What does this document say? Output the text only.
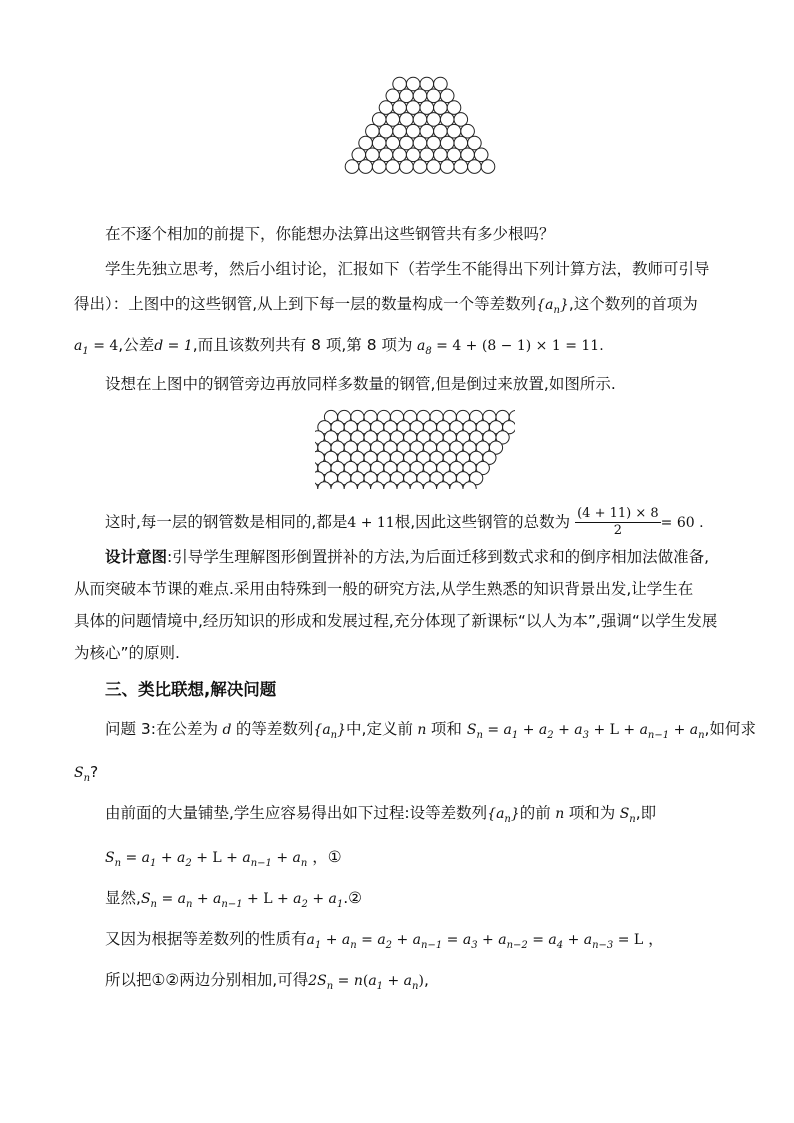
在不逐个相加的前提下，你能想办法算出这些钢管共有多少根吗？
学生先独立思考，然后小组讨论，汇报如下（若学生不能得出下列计算方法，教师可引导
得出）：上图中的这些钢管,从上到下每一层的数量构成一个等差数列$\{a_n\}$,这个数列的首项为
$a_1 = 4$,公差d = 1,而且该数列共有 8 项,第 8 项为 $a_8 = 4 + (8 - 1) \times 1 = 11$.
设想在上图中的钢管旁边再放同样多数量的钢管,但是倒过来放置,如图所示.
这时,每一层的钢管数是相同的,都是4 + 11根,因此这些钢管的总数为 $\frac{(4 + 11) \times 8}{2} = 60$ .
设计意图:引导学生理解图形倒置拼补的方法,为后面迁移到数式求和的倒序相加法做准备,
从而突破本节课的难点.采用由特殊到一般的研究方法,从学生熟悉的知识背景出发,让学生在
具体的问题情境中,经历知识的形成和发展过程,充分体现了新课标“以人为本”,强调“以学生发展
为核心”的原则.
三、类比联想,解决问题
问题 3:在公差为 d 的等差数列$\{a_n\}$中,定义前 n 项和 $S_n = a_1 + a_2 + a_3 + L + a_{n-1} + a_n$,如何求
$S_n$?
由前面的大量铺垫,学生应容易得出如下过程:设等差数列$\{a_n\}$的前 n 项和为 $S_n$,即
$S_n = a_1 + a_2 + L + a_{n-1} + a_n$ ，①
显然$,S_n = a_n + a_{n-1} + L + a_2$ + $a_1.②$
又因为根据等差数列的性质有$a_1 + a_n = a_2 + a_{n-1} = a_3 + a_{n-2} = a_4 + a_{n-3} = L$ ，
所以把①②两边分别相加,可得$2S_n = n(a_1 + a_n)$,
